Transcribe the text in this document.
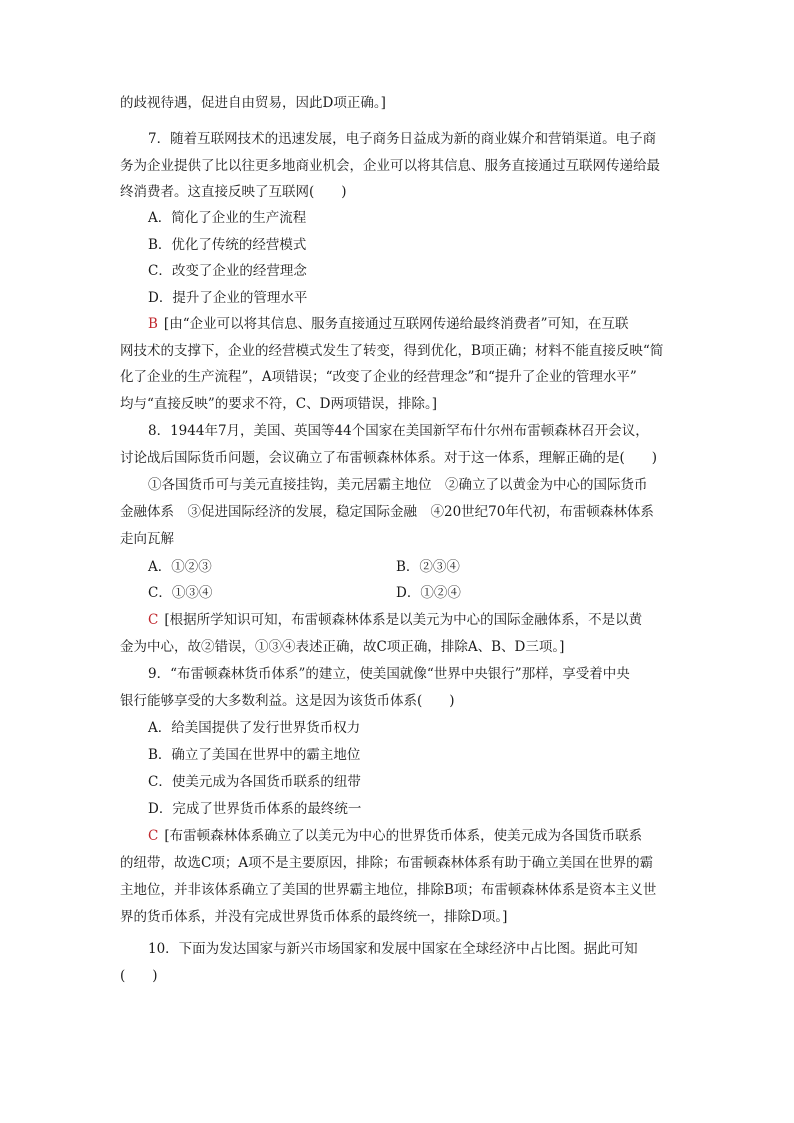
的歧视待遇，促进自由贸易，因此D项正确。]
7．随着互联网技术的迅速发展，电子商务日益成为新的商业媒介和营销渠道。电子商
务为企业提供了比以往更多地商业机会，企业可以将其信息、服务直接通过互联网传递给最
终消费者。这直接反映了互联网(　　)
A．简化了企业的生产流程
B．优化了传统的经营模式
C．改变了企业的经营理念
D．提升了企业的管理水平
B [由“企业可以将其信息、服务直接通过互联网传递给最终消费者”可知，在互联
网技术的支撑下，企业的经营模式发生了转变，得到优化，B项正确；材料不能直接反映“简
化了企业的生产流程”，A项错误；“改变了企业的经营理念”和“提升了企业的管理水平”
均与“直接反映”的要求不符，C、D两项错误，排除。]
8．1944年7月，美国、英国等44个国家在美国新罕布什尔州布雷顿森林召开会议，
讨论战后国际货币问题，会议确立了布雷顿森林体系。对于这一体系，理解正确的是(　　)
①各国货币可与美元直接挂钩，美元居霸主地位　②确立了以黄金为中心的国际货币
金融体系　③促进国际经济的发展，稳定国际金融　④20世纪70年代初，布雷顿森林体系
走向瓦解
A．①②③	B．②③④
C．①③④	D．①②④
C [根据所学知识可知，布雷顿森林体系是以美元为中心的国际金融体系，不是以黄
金为中心，故②错误，①③④表述正确，故C项正确，排除A、B、D三项。]
9．“布雷顿森林货币体系”的建立，使美国就像“世界中央银行”那样，享受着中央
银行能够享受的大多数利益。这是因为该货币体系(　　)
A．给美国提供了发行世界货币权力
B．确立了美国在世界中的霸主地位
C．使美元成为各国货币联系的纽带
D．完成了世界货币体系的最终统一
C [布雷顿森林体系确立了以美元为中心的世界货币体系，使美元成为各国货币联系
的纽带，故选C项；A项不是主要原因，排除；布雷顿森林体系有助于确立美国在世界的霸
主地位，并非该体系确立了美国的世界霸主地位，排除B项；布雷顿森林体系是资本主义世
界的货币体系，并没有完成世界货币体系的最终统一，排除D项。]
10．下面为发达国家与新兴市场国家和发展中国家在全球经济中占比图。据此可知
(　　)
